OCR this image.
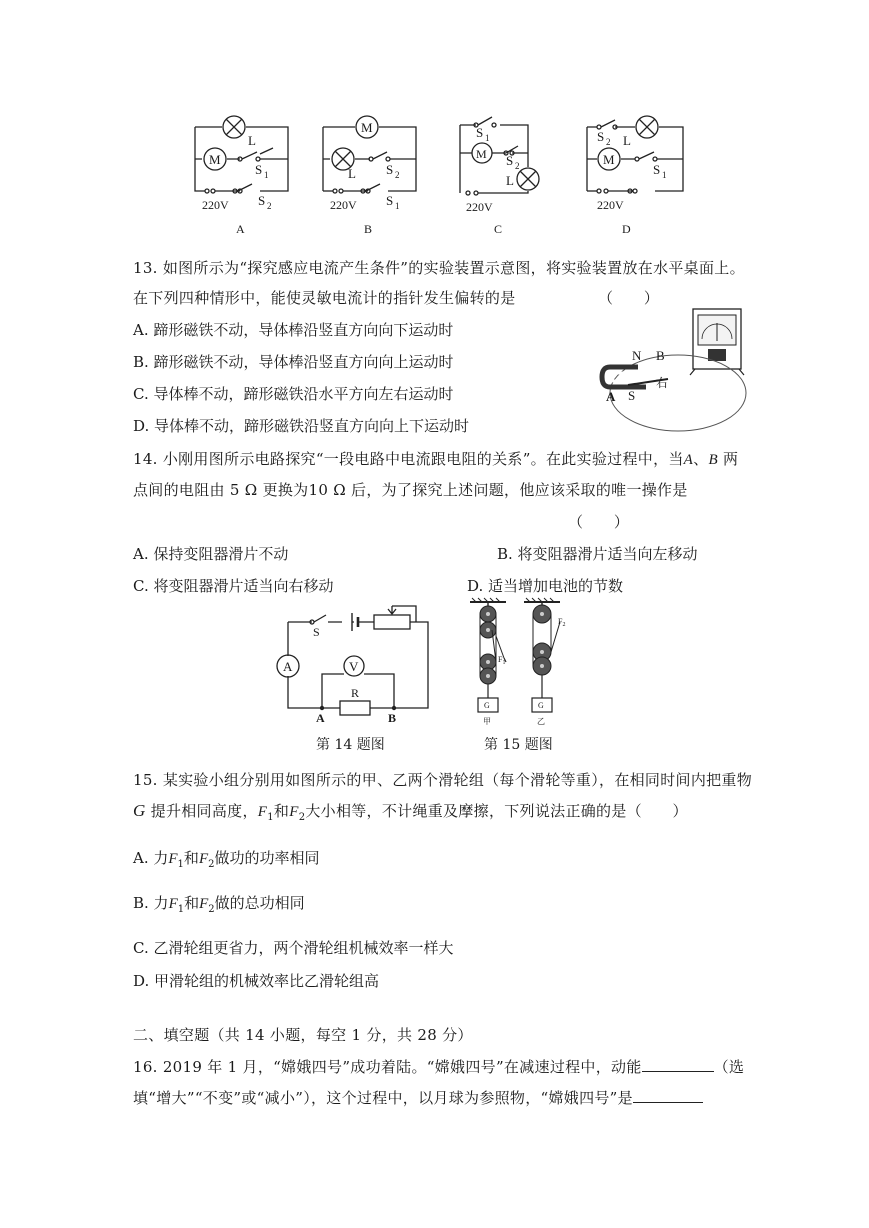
M
L
S 1
S 2
220V
M
L S 2
S 1
220V
M
S 1
S 2
L
220V
M
S 2 L
S 1
220V
A	B	C	D
13. 如图所示为“探究感应电流产生条件”的实验装置示意图，将实验装置放在水平桌面上。
在下列四种情形中，能使灵敏电流计的指针发生偏转的是	（　　）
A. 蹄形磁铁不动，导体棒沿竖直方向向下运动时
B. 蹄形磁铁不动，导体棒沿竖直方向向上运动时
C. 导体棒不动，蹄形磁铁沿水平方向左右运动时
D. 导体棒不动，蹄形磁铁沿竖直方向向上下运动时
N B
S
A
右
14. 小刚用图所示电路探究“一段电路中电流跟电阻的关系”。在此实验过程中，当A、B 两
点间的电阻由 5 Ω 更换为10 Ω 后，为了探究上述问题，他应该采取的唯一操作是
（　　）
A. 保持变阻器滑片不动	B. 将变阻器滑片适当向左移动
C. 将变阻器滑片适当向右移动	D. 适当增加电池的节数
S
A	V
R
A	B
G
$F_1$
甲
G
$F_2$
乙
第 14 题图	第 15 题图
15. 某实验小组分别用如图所示的甲、乙两个滑轮组（每个滑轮等重），在相同时间内把重物
G 提升相同高度，$F_1$和$F_2$大小相等，不计绳重及摩擦，下列说法正确的是（　　）
A. 力$F_1$和$F_2$做功的功率相同
B. 力$F_1$和$F_2$做的总功相同
C. 乙滑轮组更省力，两个滑轮组机械效率一样大
D. 甲滑轮组的机械效率比乙滑轮组高
二、填空题（共 14 小题，每空 1 分，共 28 分）
16. 2019 年 1 月，“嫦娥四号”成功着陆。“嫦娥四号”在减速过程中，动能	（选
填“增大”“不变”或“减小”），这个过程中，以月球为参照物，“嫦娥四号”是
